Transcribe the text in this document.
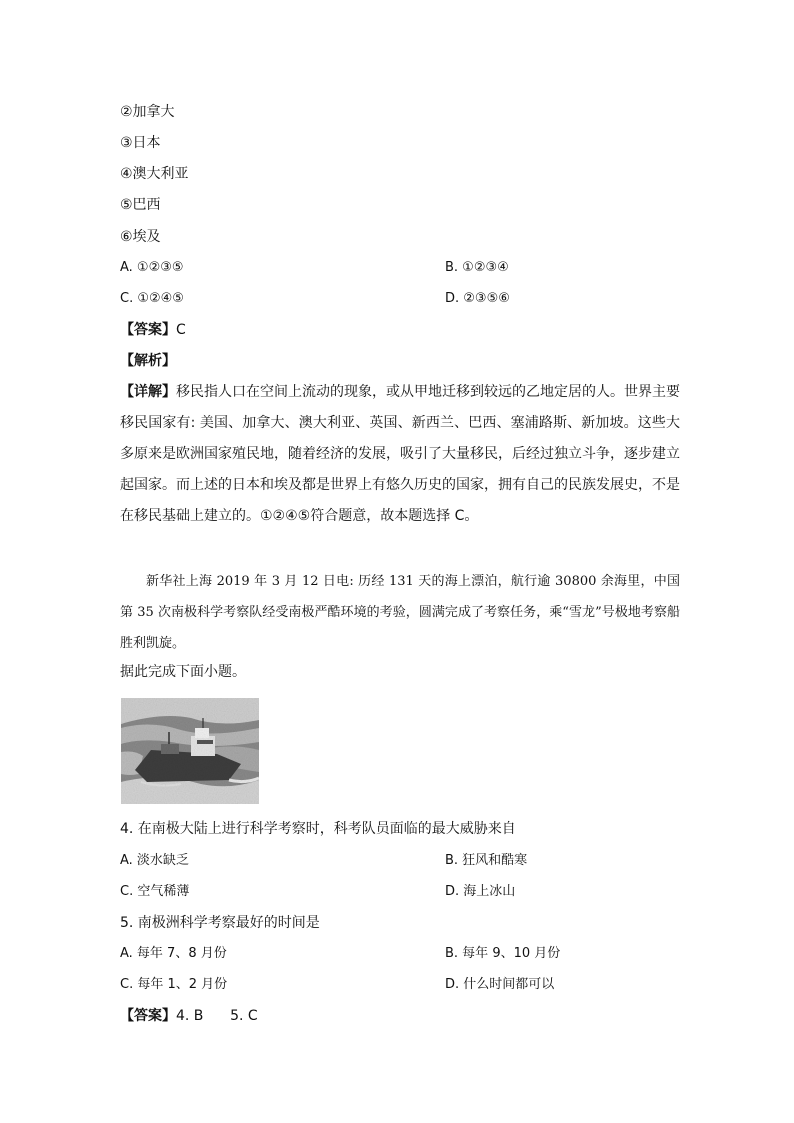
②加拿大
③日本
④澳大利亚
⑤巴西
⑥埃及
A. ①②③⑤	B. ①②③④
C. ①②④⑤	D. ②③⑤⑥
【答案】C
【解析】
【详解】移民指人口在空间上流动的现象，或从甲地迁移到较远的乙地定居的人。世界主要移民国家有: 美国、加拿大、澳大利亚、英国、新西兰、巴西、塞浦路斯、新加坡。这些大多原来是欧洲国家殖民地，随着经济的发展，吸引了大量移民，后经过独立斗争，逐步建立起国家。而上述的日本和埃及都是世界上有悠久历史的国家，拥有自己的民族发展史，不是在移民基础上建立的。①②④⑤符合题意，故本题选择 C。
新华社上海 2019 年 3 月 12 日电: 历经 131 天的海上漂泊，航行逾 30800 余海里，中国第 35 次南极科学考察队经受南极严酷环境的考验，圆满完成了考察任务，乘“雪龙”号极地考察船胜利凯旋。
据此完成下面小题。
4. 在南极大陆上进行科学考察时，科考队员面临的最大威胁来自
A. 淡水缺乏	B. 狂风和酷寒
C. 空气稀薄	D. 海上冰山
5. 南极洲科学考察最好的时间是
A. 每年 7、8 月份	B. 每年 9、10 月份
C. 每年 1、2 月份	D. 什么时间都可以
【答案】4. B      5. C
